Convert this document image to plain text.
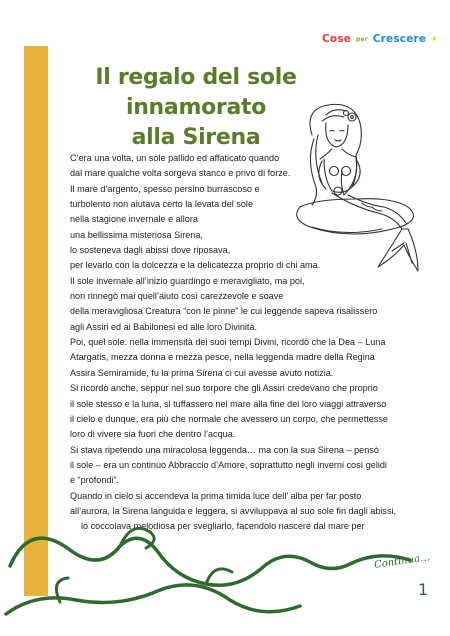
Cose per Crescere ☀
Il regalo del sole innamorato
alla Sirena

C’era una volta, un sole pallido ed affaticato quando

dal mare qualche volta sorgeva stanco e privo di forze.

Il mare d’argento, spesso persino burrascoso e

turbolento non aiutava certo la levata del sole

nella stagione invernale e allora

una bellissima misteriosa Sirena,

lo sosteneva dagli abissi dove riposava,

per levarlo con la dolcezza e la delicatezza proprio di chi ama.

Il sole invernale all’inizio guardingo e meravigliato, ma poi,

non rinnegò mai quell’aiuto così carezzevole e soave

della meravigliosa Creatura “con le pinne” le cui leggende sapeva risalissero

agli Assiri ed ai Babilonesi ed alle loro Divinità.

Poi, quel sole. nella immensità dei suoi tempi Divini, ricordò che la Dea – Luna

Atargatis, mezza donna e mezza pesce, nella leggenda madre della Regina

Assira Semiramide, fu la prima Sirena ci cui avesse avuto notizia.

Si ricordò anche, seppur nel suo torpore che gli Assiri credevano che proprio

il sole stesso e la luna, si tuffassero nel mare alla fine dei loro viaggi attraverso

il cielo e dunque, era più che normale che avessero un corpo, che permettesse

loro di vivere sia fuori che dentro l’acqua.

Si stava ripetendo una miracolosa leggenda… ma con la sua Sirena – pensò

il sole – era un continuo Abbraccio d’Amore, soprattutto negli inverni così gelidi

e “profondi”.

Quando in cielo si accendeva la prima timida luce dell’ alba per far posto

all’aurora, la Sirena languida e leggera, si avviluppava al suo sole fin dagli abissi,

lo coccolava melodiosa per svegliarlo, facendolo nascere dal mare per

Continua…
1
